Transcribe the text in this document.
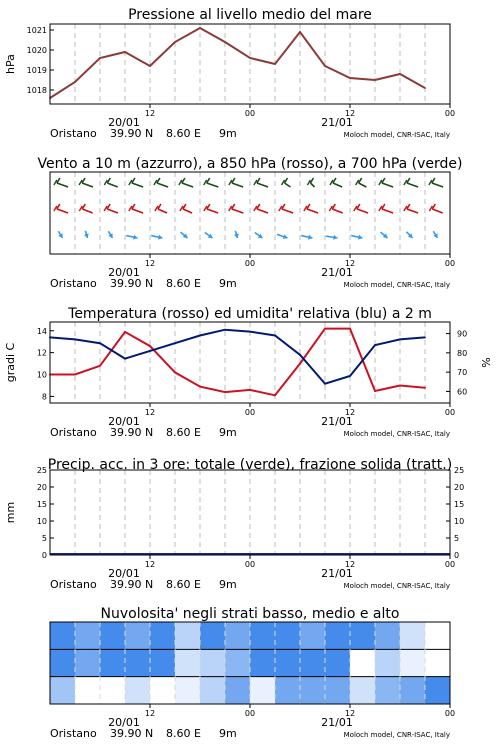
Pressione al livello medio del mare
1018
1019
1020
1021
hPa
12	00	12	00
20/01	21/01
Oristano 39.90 N 8.60 E 9m	Moloch model, CNR-ISAC, Italy
Vento a 10 m (azzurro), a 850 hPa (rosso), a 700 hPa (verde)
12	00	12	00
20/01	21/01
Oristano 39.90 N 8.60 E 9m	Moloch model, CNR-ISAC, Italy
Temperatura (rosso) ed umidita' relativa (blu) a 2 m
8
10
12
14
60
70
80
90
gradi C	%
12	00	12	00
20/01	21/01
Oristano 39.90 N 8.60 E 9m	Moloch model, CNR-ISAC, Italy
Precip. acc. in 3 ore: totale (verde), frazione solida (tratt.)
0	0
5	5
10	10
15	15
20	20
25	25
mm
12	00	12	00
20/01	21/01
Oristano 39.90 N 8.60 E 9m	Moloch model, CNR-ISAC, Italy
Nuvolosita' negli strati basso, medio e alto
12	00	12	00
20/01	21/01
Oristano 39.90 N 8.60 E 9m	Moloch model, CNR-ISAC, Italy
